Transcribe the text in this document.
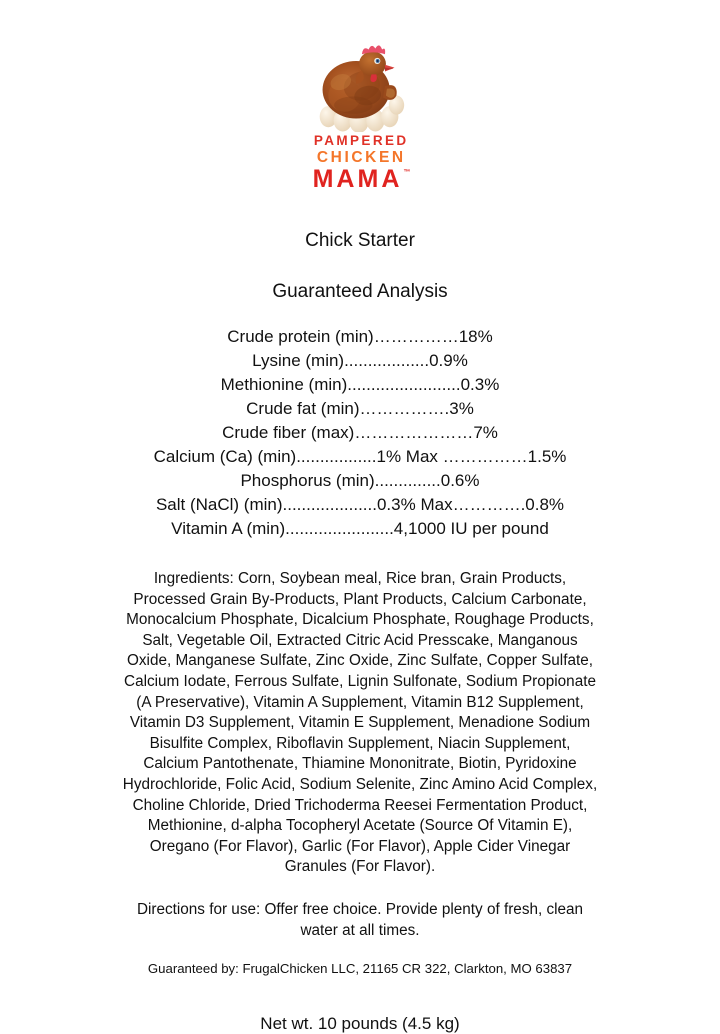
PAMPERED
CHICKEN
MAMA ™
Chick Starter
Guaranteed Analysis
Crude protein (min)……………18%
Lysine (min)..................0.9%
Methionine (min)........................0.3%
Crude fat (min)…………….3%
Crude fiber (max)…………………7%
Calcium (Ca) (min).................1% Max ……………1.5%
Phosphorus (min)..............0.6%
Salt (NaCl) (min)....................0.3% Max………….0.8%
Vitamin A (min).......................4,1000 IU per pound
Ingredients: Corn, Soybean meal, Rice bran, Grain Products, Processed Grain By-Products, Plant Products, Calcium Carbonate, Monocalcium Phosphate, Dicalcium Phosphate, Roughage Products, Salt, Vegetable Oil, Extracted Citric Acid Presscake, Manganous Oxide, Manganese Sulfate, Zinc Oxide, Zinc Sulfate, Copper Sulfate, Calcium Iodate, Ferrous Sulfate, Lignin Sulfonate, Sodium Propionate (A Preservative), Vitamin A Supplement, Vitamin B12 Supplement, Vitamin D3 Supplement, Vitamin E Supplement, Menadione Sodium Bisulfite Complex, Riboflavin Supplement, Niacin Supplement, Calcium Pantothenate, Thiamine Mononitrate, Biotin, Pyridoxine Hydrochloride, Folic Acid, Sodium Selenite, Zinc Amino Acid Complex, Choline Chloride, Dried Trichoderma Reesei Fermentation Product, Methionine, d-alpha Tocopheryl Acetate (Source Of Vitamin E), Oregano (For Flavor), Garlic (For Flavor), Apple Cider Vinegar Granules (For Flavor).
Directions for use: Offer free choice. Provide plenty of fresh, clean water at all times.
Guaranteed by: FrugalChicken LLC, 21165 CR 322, Clarkton, MO 63837
Net wt. 10 pounds (4.5 kg)
